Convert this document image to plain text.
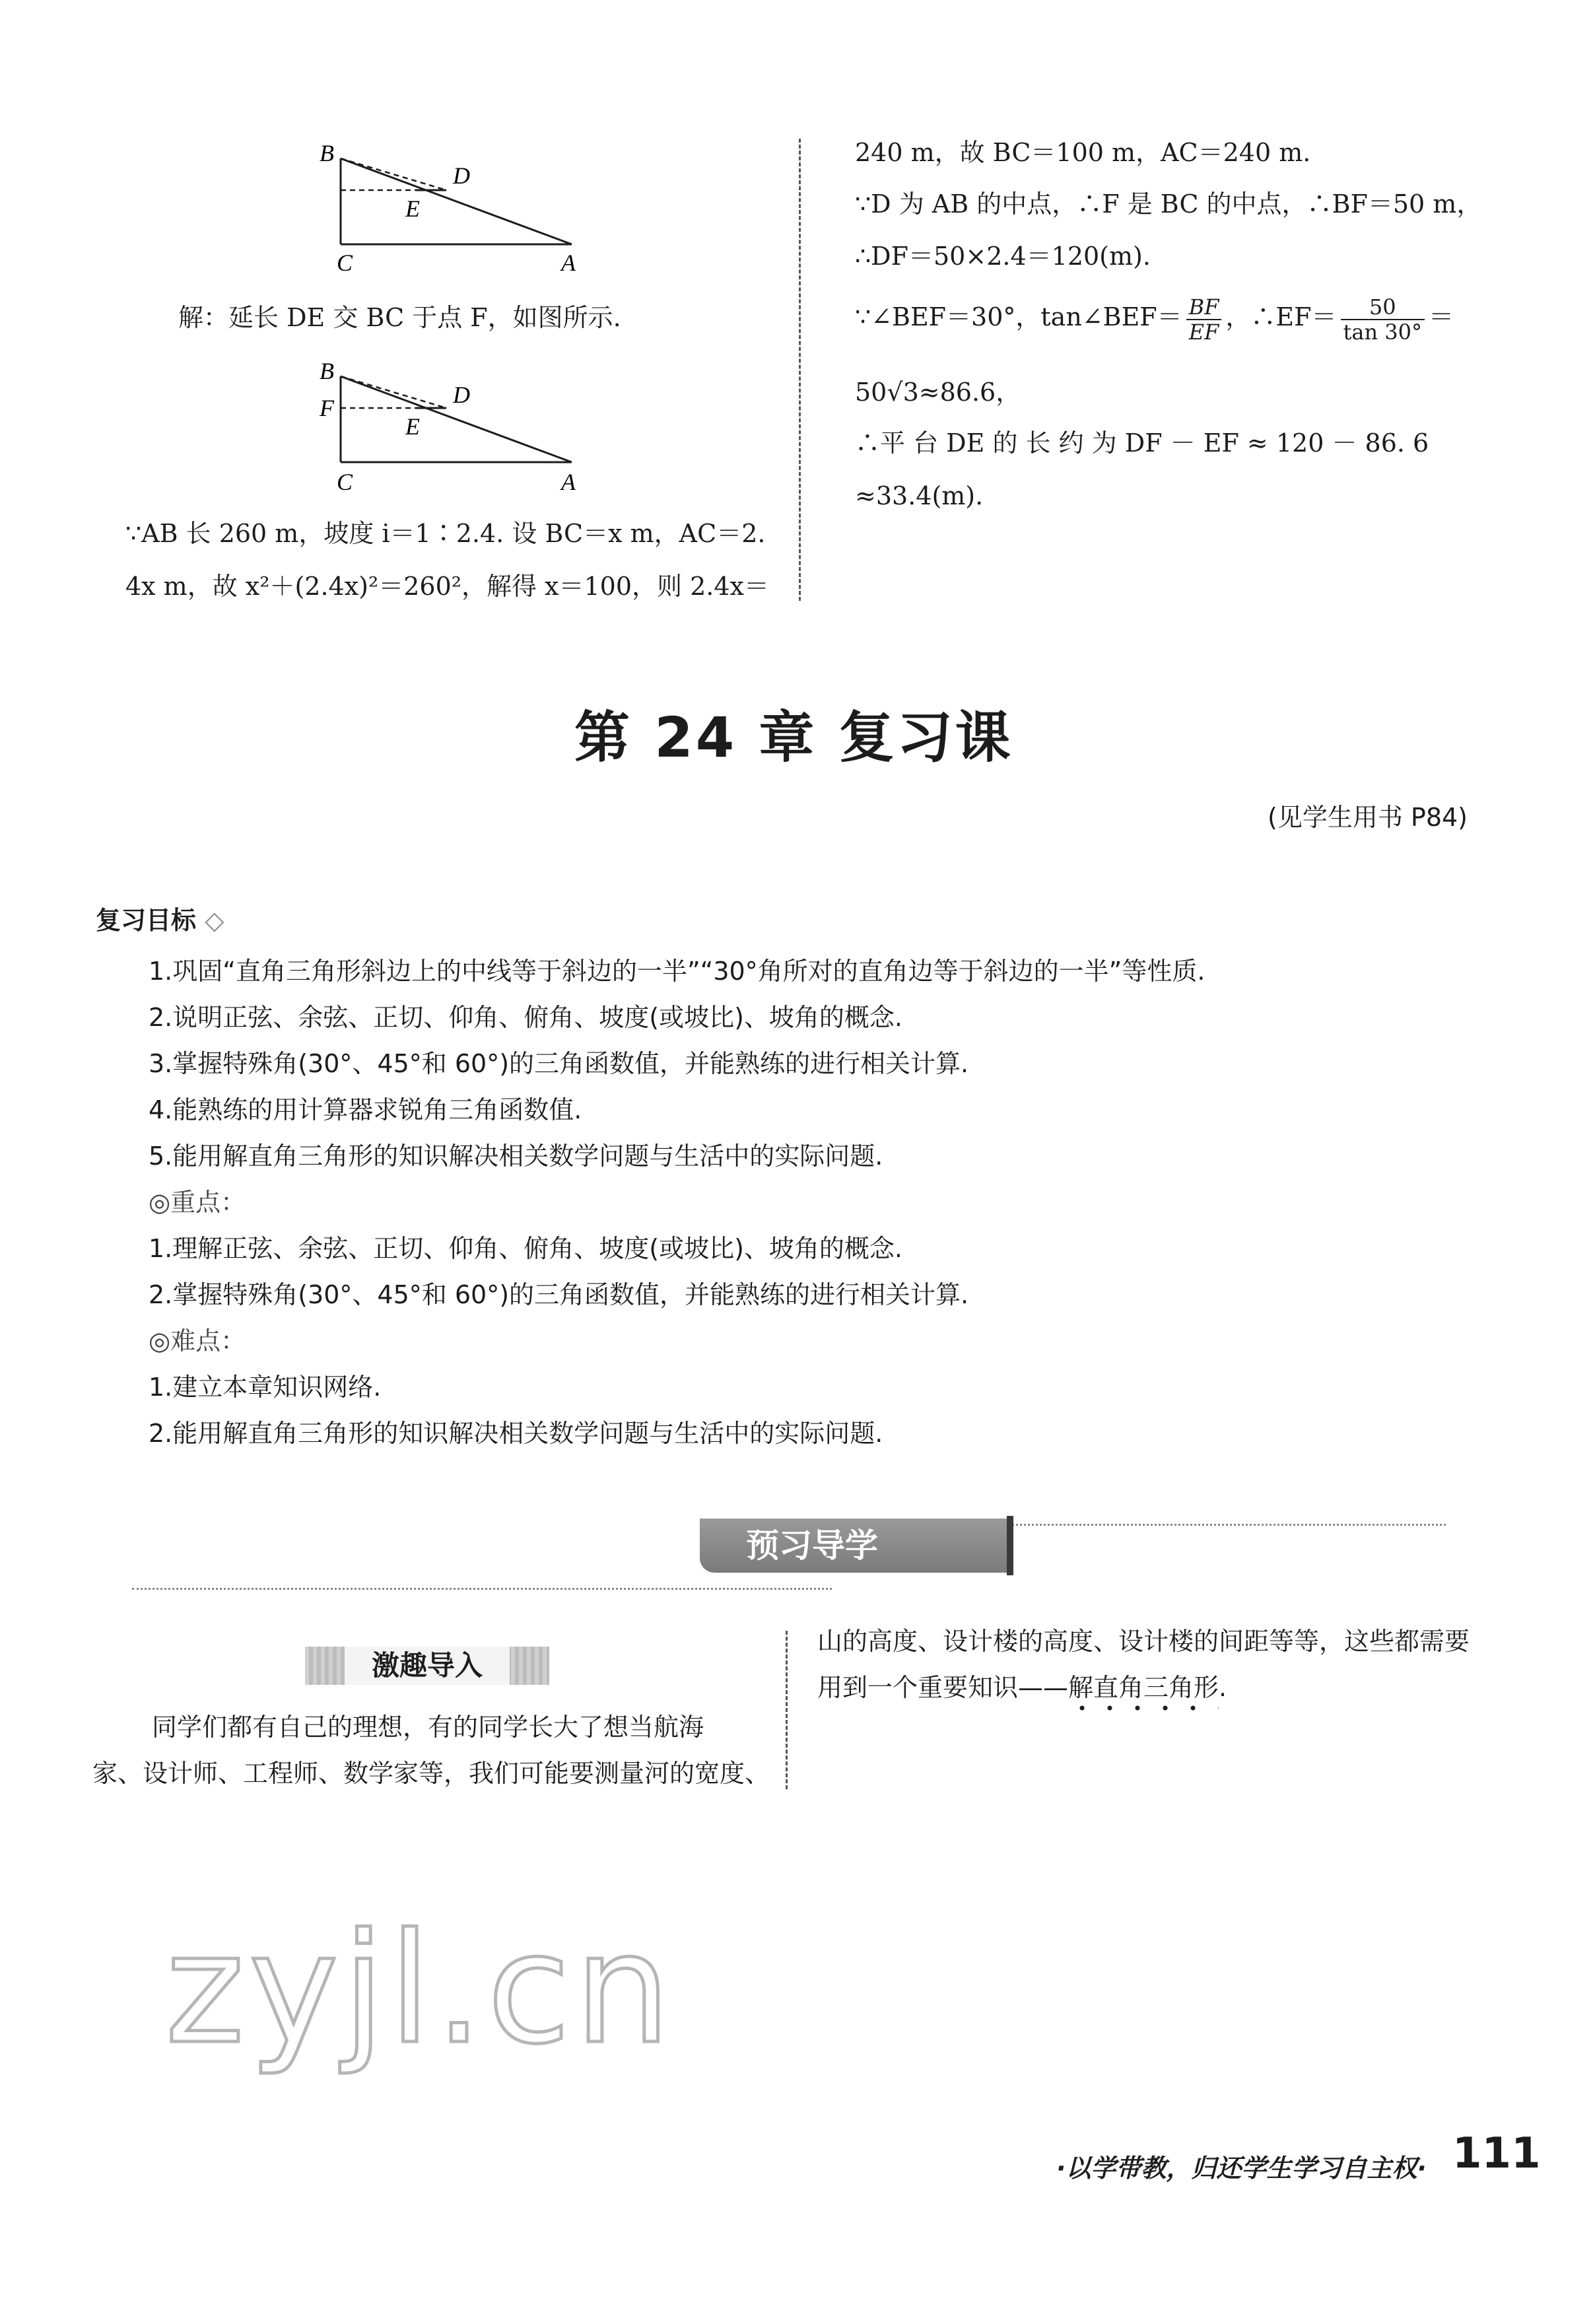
B
D
E
C	A
解：延长 DE 交 BC 于点 F，如图所示.
B
F	D
E
C	A
∵AB 长 260 m，坡度 i＝1∶2.4. 设 BC＝x m，AC＝2.
4x m，故 x²＋(2.4x)²＝260²，解得 x＝100，则 2.4x＝
240 m，故 BC＝100 m，AC＝240 m.
∵D 为 AB 的中点，∴F 是 BC 的中点，∴BF＝50 m，
∴DF＝50×2.4＝120(m).
∵∠BEF＝30°，tan∠BEF＝ $\frac{BF}{EF}$ ，∴EF＝ $\frac{50}{\tan 30^\circ}$ ＝
50√3≈86.6，
∴平 台 DE 的 长 约 为 DF － EF ≈ 120 － 86. 6
≈33.4(m).
第 24 章 复习课
(见学生用书 P84)
复习目标 ◇
1.巩固“直角三角形斜边上的中线等于斜边的一半”“30°角所对的直角边等于斜边的一半”等性质.
2.说明正弦、余弦、正切、仰角、俯角、坡度(或坡比)、坡角的概念.
3.掌握特殊角(30°、45°和 60°)的三角函数值，并能熟练的进行相关计算.
4.能熟练的用计算器求锐角三角函数值.
5.能用解直角三角形的知识解决相关数学问题与生活中的实际问题.
◎重点：
1.理解正弦、余弦、正切、仰角、俯角、坡度(或坡比)、坡角的概念.
2.掌握特殊角(30°、45°和 60°)的三角函数值，并能熟练的进行相关计算.
◎难点：
1.建立本章知识网络.
2.能用解直角三角形的知识解决相关数学问题与生活中的实际问题.
预习导学
激趣导入
同学们都有自己的理想，有的同学长大了想当航海
家、设计师、工程师、数学家等，我们可能要测量河的宽度、
山的高度、设计楼的高度、设计楼的间距等等，这些都需要
用到一个重要知识——解直角三角形.
zyjl.cn
·以学带教，归还学生学习自主权· 111
